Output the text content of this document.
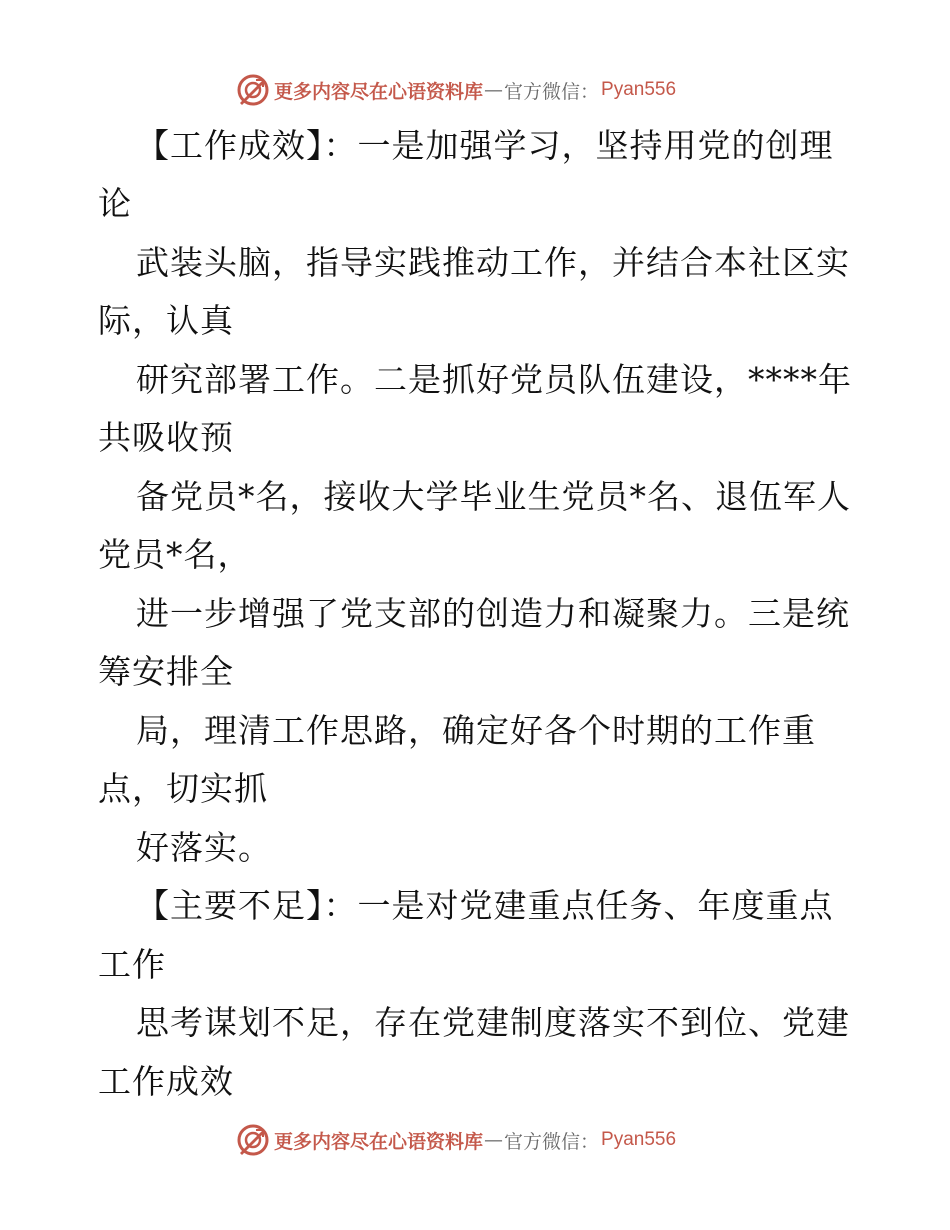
更多内容尽在心语资料库 — 官方微信： Pyan556
【工作成效】：一是加强学习，坚持用党的创理
论
武装头脑，指导实践推动工作，并结合本社区实
际，认真
研究部署工作。二是抓好党员队伍建设，****年
共吸收预
备党员*名，接收大学毕业生党员*名、退伍军人
党员*名，
进一步增强了党支部的创造力和凝聚力。三是统
筹安排全
局，理清工作思路，确定好各个时期的工作重
点，切实抓
好落实。
【主要不足】：一是对党建重点任务、年度重点
工作
思考谋划不足，存在党建制度落实不到位、党建
工作成效
更多内容尽在心语资料库 — 官方微信： Pyan556
